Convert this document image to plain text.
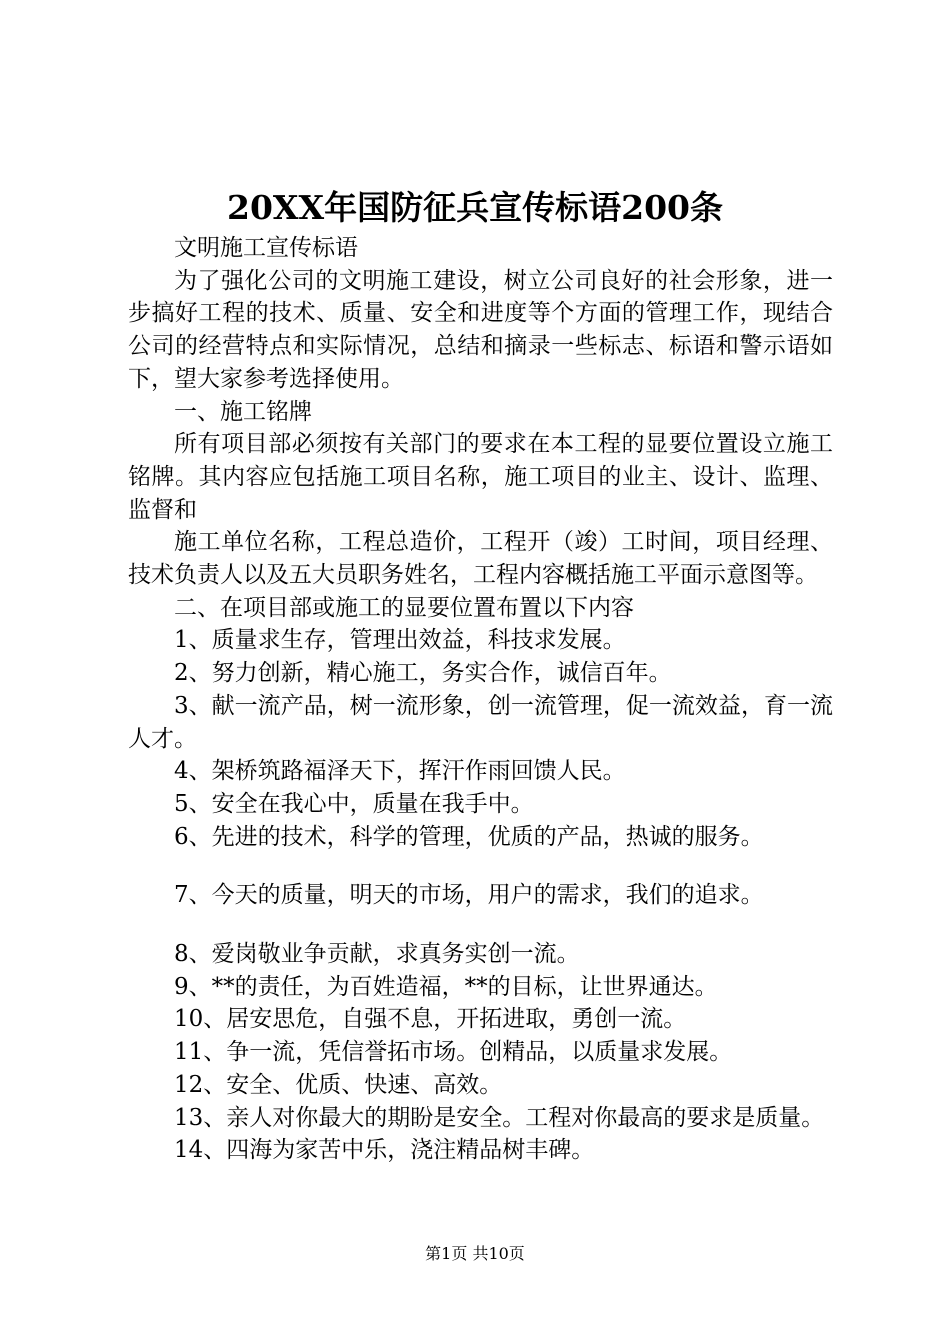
20XX年国防征兵宣传标语200条

文明施工宣传标语

为了强化公司的文明施工建设，树立公司良好的社会形象，进一步搞好工程的技术、质量、安全和进度等个方面的管理工作，现结合公司的经营特点和实际情况，总结和摘录一些标志、标语和警示语如下，望大家参考选择使用。

一、施工铭牌

所有项目部必须按有关部门的要求在本工程的显要位置设立施工铭牌。其内容应包括施工项目名称，施工项目的业主、设计、监理、监督和

施工单位名称，工程总造价，工程开（竣）工时间，项目经理、技术负责人以及五大员职务姓名，工程内容概括施工平面示意图等。

二、在项目部或施工的显要位置布置以下内容

1、质量求生存，管理出效益，科技求发展。

2、努力创新，精心施工，务实合作，诚信百年。

3、献一流产品，树一流形象，创一流管理，促一流效益，育一流人才。

4、架桥筑路福泽天下，挥汗作雨回馈人民。

5、安全在我心中，质量在我手中。

6、先进的技术，科学的管理，优质的产品，热诚的服务。

7、今天的质量，明天的市场，用户的需求，我们的追求。

8、爱岗敬业争贡献，求真务实创一流。

9、**的责任，为百姓造福，**的目标，让世界通达。

10、居安思危，自强不息，开拓进取，勇创一流。

11、争一流，凭信誉拓市场。创精品，以质量求发展。

12、安全、优质、快速、高效。

13、亲人对你最大的期盼是安全。工程对你最高的要求是质量。

14、四海为家苦中乐，浇注精品树丰碑。

第1页 共10页
